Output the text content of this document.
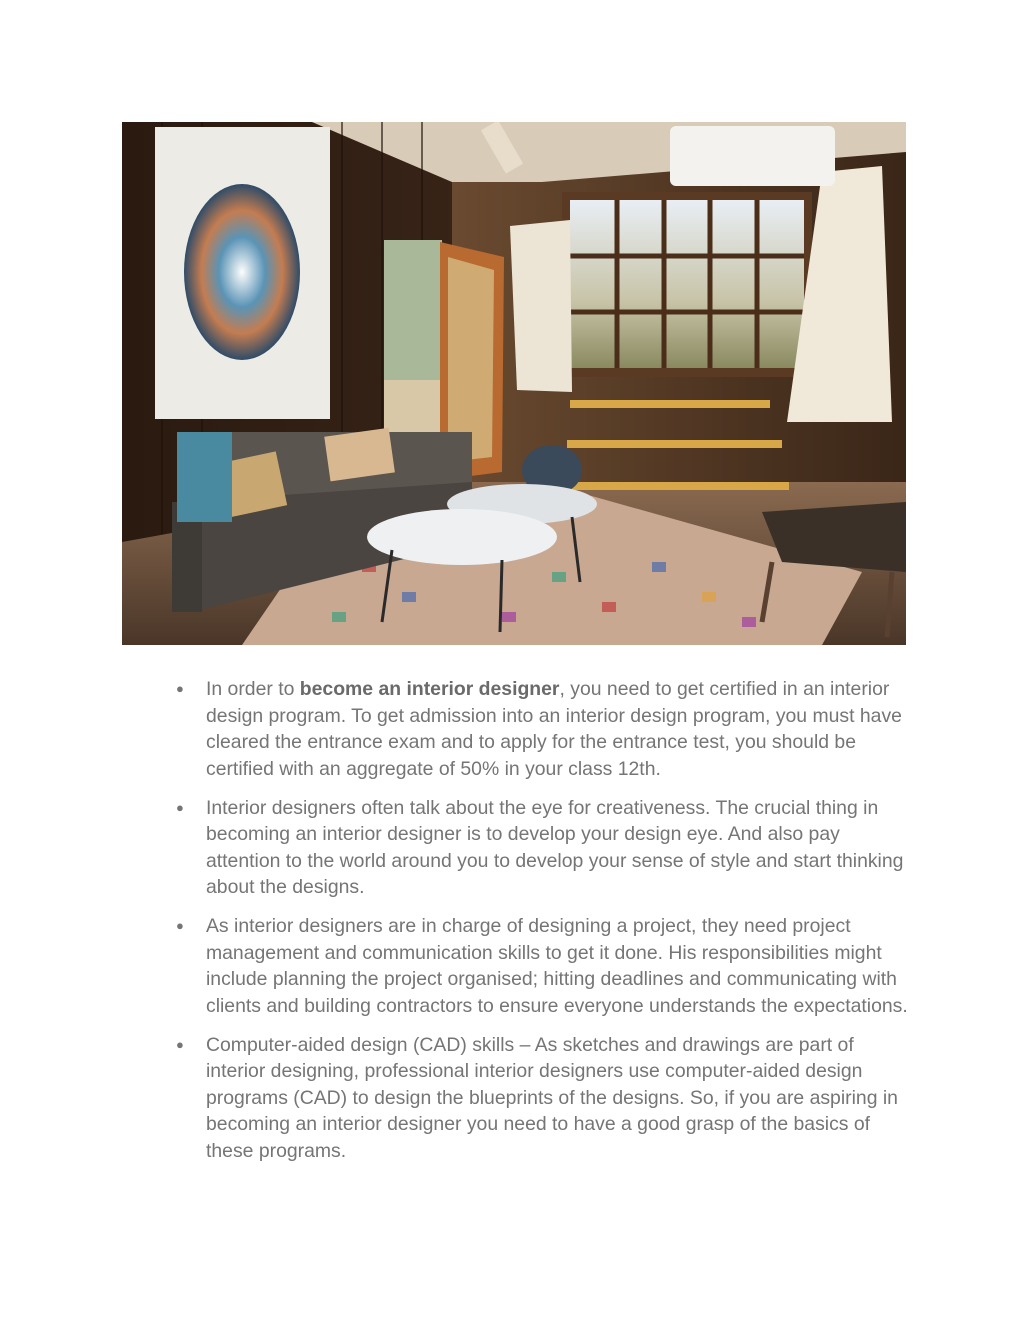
● In order to become an interior designer, you need to get certified in an interior design program. To get admission into an interior design program, you must have cleared the entrance exam and to apply for the entrance test, you should be certified with an aggregate of 50% in your class 12th.
● Interior designers often talk about the eye for creativeness. The crucial thing in becoming an interior designer is to develop your design eye. And also pay attention to the world around you to develop your sense of style and start thinking about the designs.
● As interior designers are in charge of designing a project, they need project management and communication skills to get it done. His responsibilities might include planning the project organised; hitting deadlines and communicating with clients and building contractors to ensure everyone understands the expectations.
● Computer-aided design (CAD) skills – As sketches and drawings are part of interior designing, professional interior designers use computer-aided design programs (CAD) to design the blueprints of the designs. So, if you are aspiring in becoming an interior designer you need to have a good grasp of the basics of these programs.
